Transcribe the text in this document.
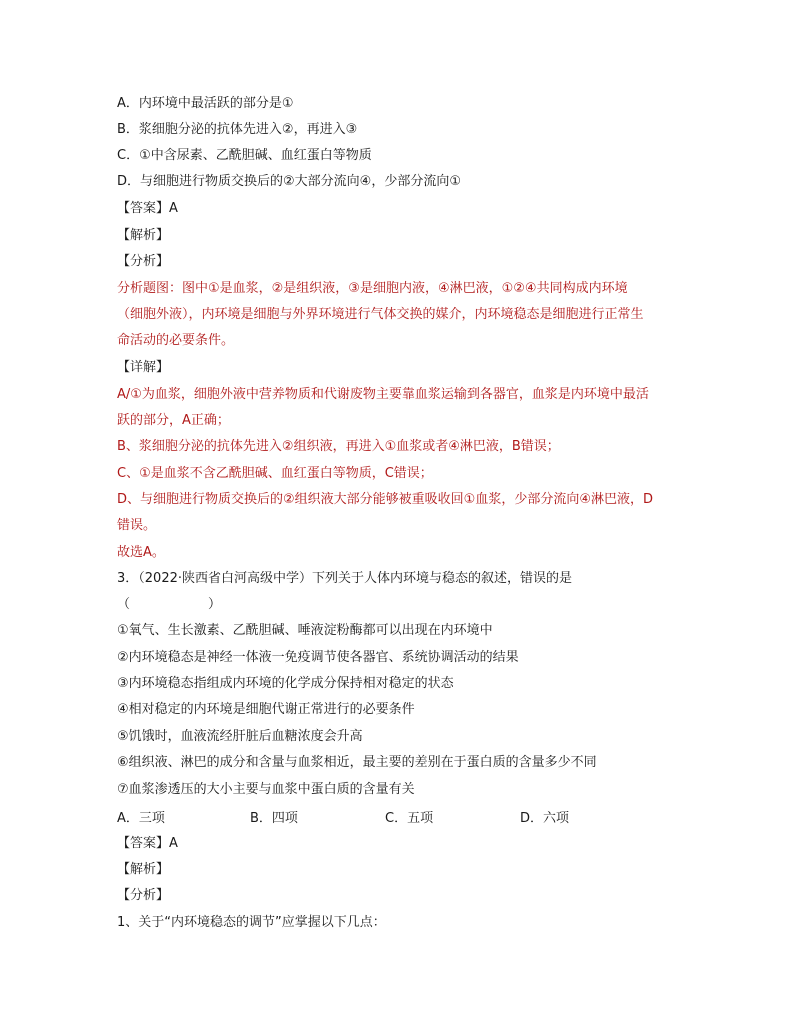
A．内环境中最活跃的部分是①
B．浆细胞分泌的抗体先进入②，再进入③
C．①中含尿素、乙酰胆碱、血红蛋白等物质
D．与细胞进行物质交换后的②大部分流向④，少部分流向①
【答案】A
【解析】
【分析】
分析题图：图中①是血浆，②是组织液，③是细胞内液，④淋巴液，①②④共同构成内环境
（细胞外液），内环境是细胞与外界环境进行气体交换的媒介，内环境稳态是细胞进行正常生
命活动的必要条件。
【详解】
A/①为血浆，细胞外液中营养物质和代谢废物主要靠血浆运输到各器官，血浆是内环境中最活
跃的部分，A正确；
B、浆细胞分泌的抗体先进入②组织液，再进入①血浆或者④淋巴液，B错误；
C、①是血浆不含乙酰胆碱、血红蛋白等物质，C错误；
D、与细胞进行物质交换后的②组织液大部分能够被重吸收回①血浆，少部分流向④淋巴液，D
错误。
故选A。
3．（2022·陕西省白河高级中学）下列关于人体内环境与稳态的叙述，错误的是
（　　　　　　）
①氧气、生长激素、乙酰胆碱、唾液淀粉酶都可以出现在内环境中
②内环境稳态是神经一体液一免疫调节使各器官、系统协调活动的结果
③内环境稳态指组成内环境的化学成分保持相对稳定的状态
④相对稳定的内环境是细胞代谢正常进行的必要条件
⑤饥饿时，血液流经肝脏后血糖浓度会升高
⑥组织液、淋巴的成分和含量与血浆相近，最主要的差别在于蛋白质的含量多少不同
⑦血浆渗透压的大小主要与血浆中蛋白质的含量有关
A．三项	B．四项	C．五项	D．六项
【答案】A
【解析】
【分析】
1、关于“内环境稳态的调节”应掌握以下几点：
